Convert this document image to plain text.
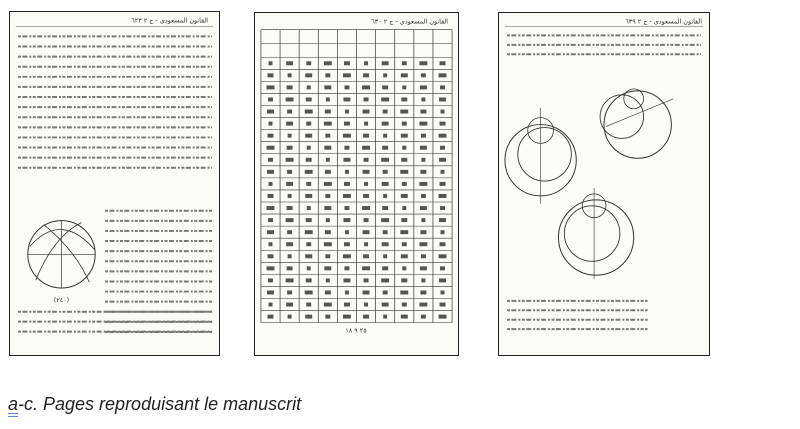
القانون المسعودي - ج ٢ ٦٢٣
(٢٤٠)
القانون المسعودي - ج ٢ ٦٣٠
٢٥ ٩ ١٨
القانون المسعودي - ج ٢ ٦٣٩
a-c. Pages reproduisant le manuscrit
